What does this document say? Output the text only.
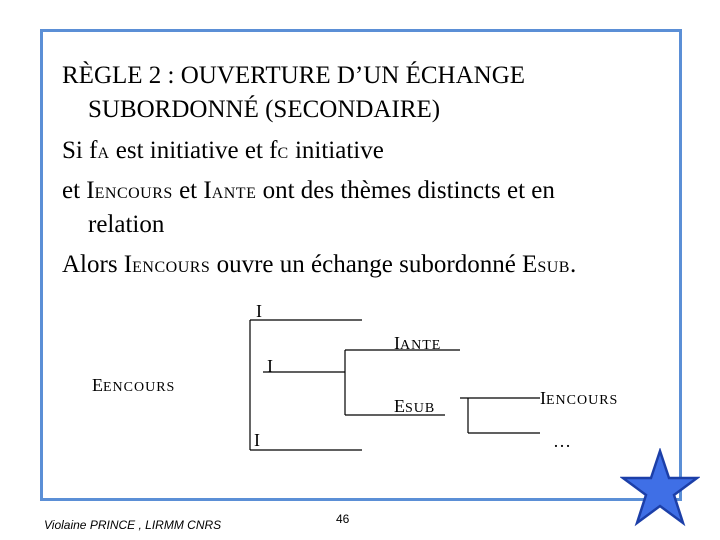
RÈGLE 2 : OUVERTURE D’UN ÉCHANGE
SUBORDONNÉ (SECONDAIRE)
Si fA est initiative et fC initiative
et IENCOURS et IANTE ont des thèmes distincts et en
relation
Alors IENCOURS ouvre un échange subordonné ESUB.
EENCOURS
I
IANTE
I
ESUB
I
IENCOURS
…
Violaine PRINCE , LIRMM CNRS	46
